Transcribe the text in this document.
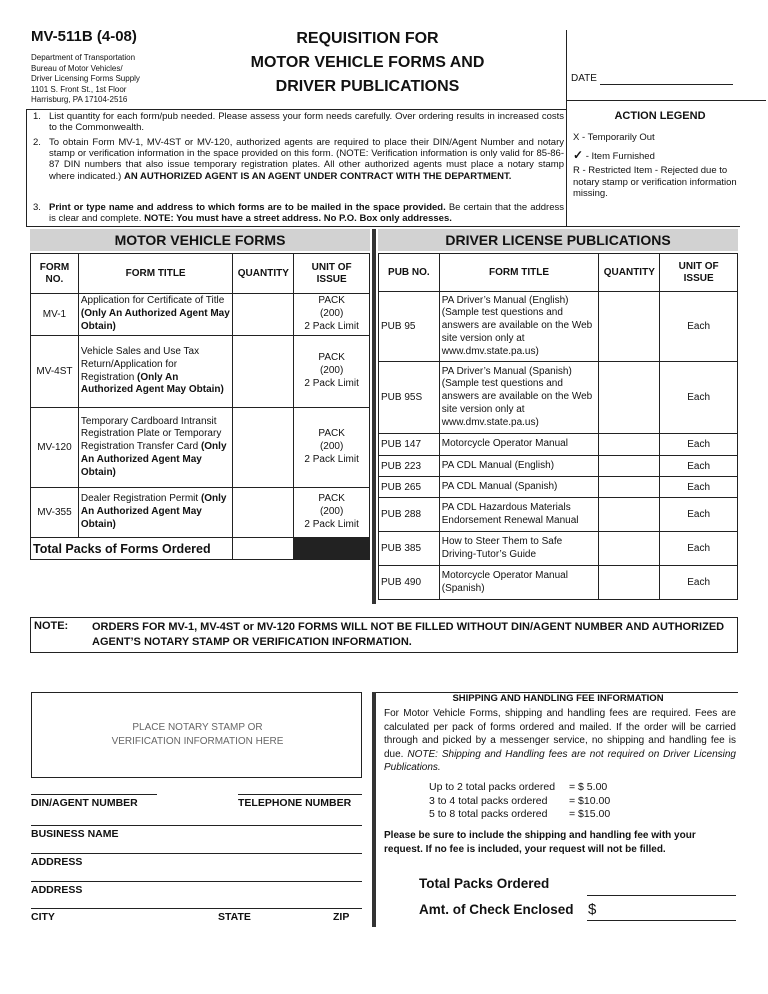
MV-511B (4-08)
Department of Transportation
Bureau of Motor Vehicles/
Driver Licensing Forms Supply
1101 S. Front St., 1st Floor
Harrisburg, PA 17104-2516
REQUISITION FOR
MOTOR VEHICLE FORMS AND
DRIVER PUBLICATIONS	DATE
1. List quantity for each form/pub needed. Please assess your form needs carefully. Over ordering results in increased costs to the Commonwealth.
2. To obtain Form MV-1, MV-4ST or MV-120, authorized agents are required to place their DIN/Agent Number and notary stamp or verification information in the space provided on this form. (NOTE: Verification information is only valid for 85-86-87 DIN numbers that also issue temporary registration plates. All other authorized agents must place a notary stamp where indicated.) AN AUTHORIZED AGENT IS AN AGENT UNDER CONTRACT WITH THE DEPARTMENT.
3. Print or type name and address to which forms are to be mailed in the space provided. Be certain that the address is clear and complete. NOTE: You must have a street address. No P.O. Box only addresses.
ACTION LEGEND
X - Temporarily Out
✓ - Item Furnished
R - Restricted Item - Rejected due to notary stamp or verification information missing.
MOTOR VEHICLE FORMS	DRIVER LICENSE PUBLICATIONS
FORM NO.	FORM TITLE	QUANTITY	UNIT OF ISSUE
MV-1	Application for Certificate of Title (Only An Authorized Agent May Obtain)		PACK
(200)
2 Pack Limit

MV-4ST	Vehicle Sales and Use Tax Return/Application for Registration (Only An Authorized Agent May Obtain)		PACK
(200)
2 Pack Limit

MV-120	Temporary Cardboard Intransit Registration Plate or Temporary Registration Transfer Card (Only An Authorized Agent May Obtain)		PACK
(200)
2 Pack Limit

MV-355	Dealer Registration Permit (Only An Authorized Agent May Obtain)		PACK
(200)
2 Pack Limit

Total Packs of Forms Ordered			
PUB NO.	FORM TITLE	QUANTITY	UNIT OF ISSUE
PUB 95	PA Driver’s Manual (English) (Sample test questions and answers are available on the Web site version only at www.dmv.state.pa.us)		Each
PUB 95S	PA Driver’s Manual (Spanish) (Sample test questions and answers are available on the Web site version only at www.dmv.state.pa.us)		Each
PUB 147	Motorcycle Operator Manual		Each
PUB 223	PA CDL Manual (English)		Each
PUB 265	PA CDL Manual (Spanish)		Each
PUB 288	PA CDL Hazardous Materials Endorsement Renewal Manual		Each
PUB 385	How to Steer Them to Safe Driving-Tutor’s Guide		Each
PUB 490	Motorcycle Operator Manual (Spanish)		Each
NOTE: ORDERS FOR MV-1, MV-4ST or MV-120 FORMS WILL NOT BE FILLED WITHOUT DIN/AGENT NUMBER AND AUTHORIZED AGENT’S NOTARY STAMP OR VERIFICATION INFORMATION.
PLACE NOTARY STAMP OR
VERIFICATION INFORMATION HERE
DIN/AGENT NUMBER	TELEPHONE NUMBER
BUSINESS NAME
ADDRESS
ADDRESS
CITY	STATE	ZIP
SHIPPING AND HANDLING FEE INFORMATION
For Motor Vehicle Forms, shipping and handling fees are required. Fees are calculated per pack of forms ordered and mailed. If the order will be carried through and picked by a messenger service, no shipping and handling fee is due. NOTE: Shipping and Handling fees are not required on Driver Licensing Publications.
Up to 2 total packs ordered = $ 5.00
3 to 4 total packs ordered = $10.00
5 to 8 total packs ordered = $15.00
Please be sure to include the shipping and handling fee with your request. If no fee is included, your request will not be filled.
Total Packs Ordered
Amt. of Check Enclosed $
